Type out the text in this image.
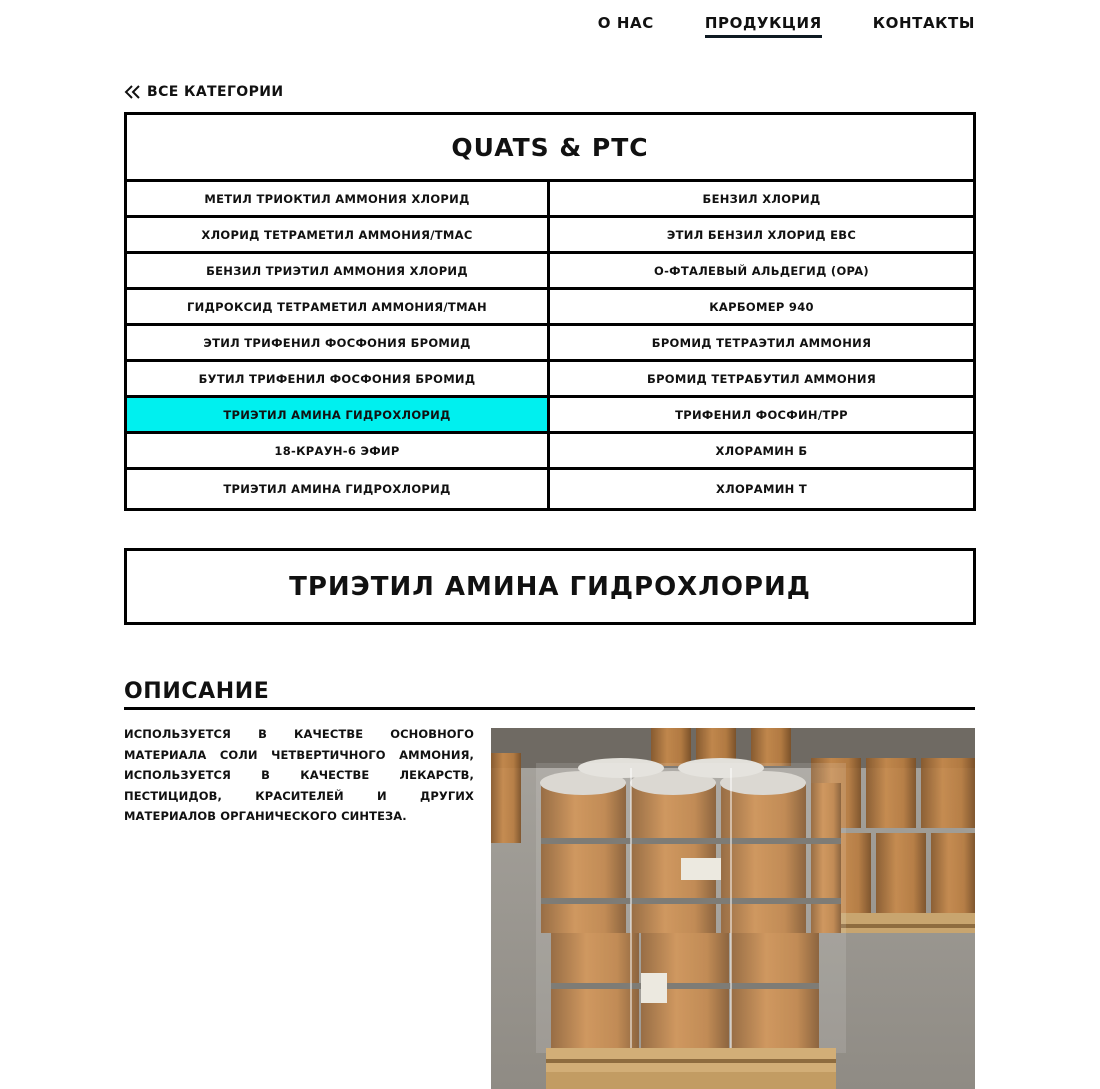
О НАС	ПРОДУКЦИЯ	КОНТАКТЫ
ВСЕ КАТЕГОРИИ
QUATS & PTC
МЕТИЛ ТРИОКТИЛ АММОНИЯ ХЛОРИД	БЕНЗИЛ ХЛОРИД
ХЛОРИД ТЕТРАМЕТИЛ АММОНИЯ/TMAC	ЭТИЛ БЕНЗИЛ ХЛОРИД EBC
БЕНЗИЛ ТРИЭТИЛ АММОНИЯ ХЛОРИД	О-ФТАЛЕВЫЙ АЛЬДЕГИД (OPA)
ГИДРОКСИД ТЕТРАМЕТИЛ АММОНИЯ/TMAH	КАРБОМЕР 940
ЭТИЛ ТРИФЕНИЛ ФОСФОНИЯ БРОМИД	БРОМИД ТЕТРАЭТИЛ АММОНИЯ
БУТИЛ ТРИФЕНИЛ ФОСФОНИЯ БРОМИД	БРОМИД ТЕТРАБУТИЛ АММОНИЯ
ТРИЭТИЛ АМИНА ГИДРОХЛОРИД	ТРИФЕНИЛ ФОСФИН/TPP
18-КРАУН-6 ЭФИР	ХЛОРАМИН Б
ТРИЭТИЛ АМИНА ГИДРОХЛОРИД	ХЛОРАМИН Т
ТРИЭТИЛ АМИНА ГИДРОХЛОРИД
ОПИСАНИЕ

ИСПОЛЬЗУЕТСЯ В КАЧЕСТВЕ ОСНОВНОГО МАТЕРИАЛА СОЛИ ЧЕТВЕРТИЧНОГО АММОНИЯ, ИСПОЛЬЗУЕТСЯ В КАЧЕСТВЕ ЛЕКАРСТВ, ПЕСТИЦИДОВ, КРАСИТЕЛЕЙ И ДРУГИХ МАТЕРИАЛОВ ОРГАНИЧЕСКОГО СИНТЕЗА.
